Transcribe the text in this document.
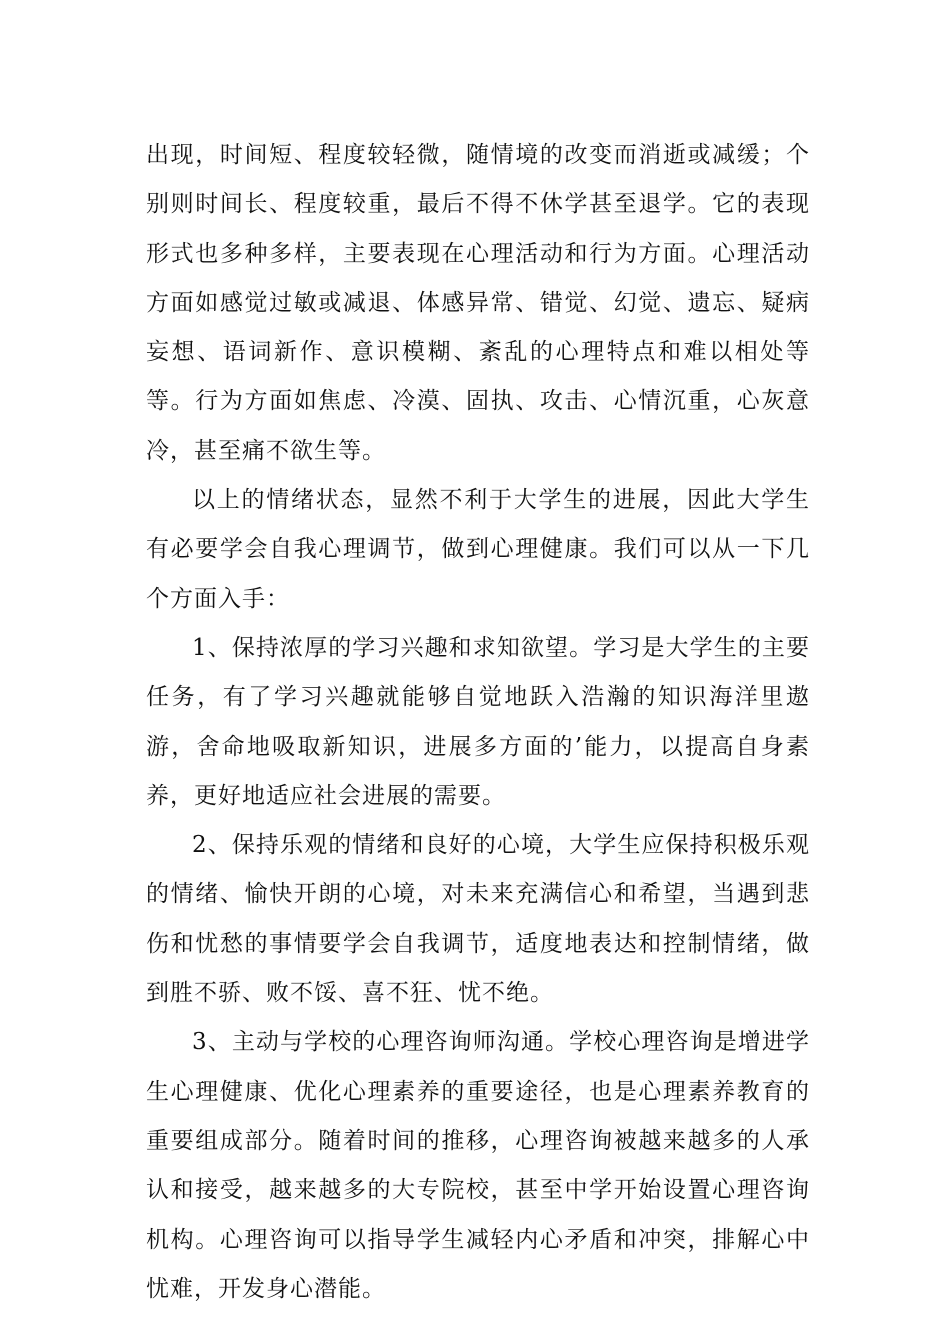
出现，时间短、程度较轻微，随情境的改变而消逝或减缓；个别则时间长、程度较重，最后不得不休学甚至退学。它的表现形式也多种多样，主要表现在心理活动和行为方面。心理活动方面如感觉过敏或减退、体感异常、错觉、幻觉、遗忘、疑病妄想、语词新作、意识模糊、紊乱的心理特点和难以相处等等。行为方面如焦虑、冷漠、固执、攻击、心情沉重，心灰意冷，甚至痛不欲生等。

以上的情绪状态，显然不利于大学生的进展，因此大学生有必要学会自我心理调节，做到心理健康。我们可以从一下几个方面入手：

1、保持浓厚的学习兴趣和求知欲望。学习是大学生的主要任务，有了学习兴趣就能够自觉地跃入浩瀚的知识海洋里遨游，舍命地吸取新知识，进展多方面的’能力，以提高自身素养，更好地适应社会进展的需要。

2、保持乐观的情绪和良好的心境，大学生应保持积极乐观的情绪、愉快开朗的心境，对未来充满信心和希望，当遇到悲伤和忧愁的事情要学会自我调节，适度地表达和控制情绪，做到胜不骄、败不馁、喜不狂、忧不绝。

3、主动与学校的心理咨询师沟通。学校心理咨询是增进学生心理健康、优化心理素养的重要途径，也是心理素养教育的重要组成部分。随着时间的推移，心理咨询被越来越多的人承认和接受，越来越多的大专院校，甚至中学开始设置心理咨询机构。心理咨询可以指导学生减轻内心矛盾和冲突，排解心中忧难，开发身心潜能。
